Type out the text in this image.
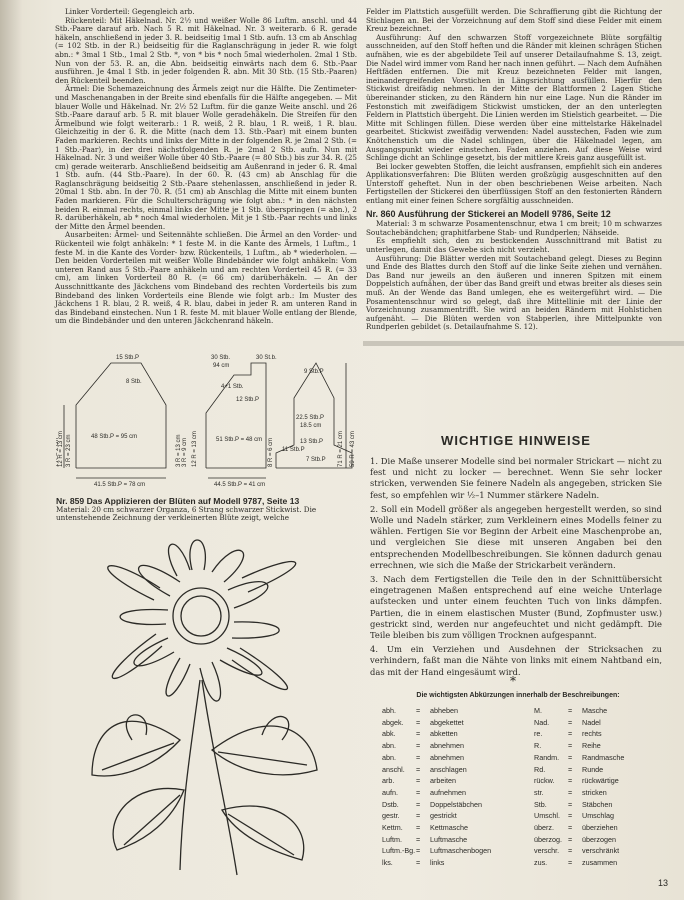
Linker Vorderteil: Gegengleich arb.

Rückenteil: Mit Häkelnad. Nr. 2½ und weißer Wolle 86 Luftm. anschl. und 44 Stb.-Paare darauf arb. Nach 5 R. mit Häkelnad. Nr. 3 weiterarb. 6 R. gerade häkeln, anschließend in jeder 3. R. beidseitig 1mal 1 Stb. aufn. 13 cm ab Anschlag (= 102 Stb. in der R.) beidseitig für die Raglanschrägung in jeder R. wie folgt abn.: * 3mal 1 Stb., 1mal 2 Stb. *, von * bis * noch 5mal wiederholen. 2mal 1 Stb. Nun von der 53. R. an, die Abn. beidseitig einwärts nach dem 6. Stb.-Paar ausführen. Je 4mal 1 Stb. in jeder folgenden R. abn. Mit 30 Stb. (15 Stb.-Paaren) den Rückenteil beenden.

Ärmel: Die Schemazeichnung des Ärmels zeigt nur die Hälfte. Die Zentimeter- und Maschenangaben in der Breite sind ebenfalls für die Hälfte angegeben. — Mit blauer Wolle und Häkelnad. Nr. 2½ 52 Luftm. für die ganze Weite anschl. und 26 Stb.-Paare darauf arb. 5 R. mit blauer Wolle geradehäkeln. Die Streifen für den Ärmelbund wie folgt weiterarb.: 1 R. weiß, 2 R. blau, 1 R. weiß, 1 R. blau. Gleichzeitig in der 6. R. die Mitte (nach dem 13. Stb.-Paar) mit einem bunten Faden markieren. Rechts und links der Mitte in der folgenden R. je 2mal 2 Stb. (= 1 Stb.-Paar), in der drei nächstfolgenden R. je 2mal 2 Stb. aufn. Nun mit Häkelnad. Nr. 3 und weißer Wolle über 40 Stb.-Paare (= 80 Stb.) bis zur 34. R. (25 cm) gerade weiterarb. Anschließend beidseitig am Außenrand in jeder 6. R. 4mal 1 Stb. aufn. (44 Stb.-Paare). In der 60. R. (43 cm) ab Anschlag für die Raglanschrägung beidseitig 2 Stb.-Paare stehenlassen, anschließend in jeder R. 20mal 1 Stb. abn. In der 70. R. (51 cm) ab Anschlag die Mitte mit einem bunten Faden markieren. Für die Schulterschrägung wie folgt abn.: * in den nächsten beiden R. einmal rechts, einmal links der Mitte je 1 Stb. überspringen (= abn.), 2 R. darüberhäkeln, ab * noch 4mal wiederholen. Mit je 1 Stb.-Paar rechts und links der Mitte den Ärmel beenden.

Ausarbeiten: Ärmel- und Seitennähte schließen. Die Ärmel an den Vorder- und Rückenteil wie folgt anhäkeln: * 1 feste M. in die Kante des Ärmels, 1 Luftm., 1 feste M. in die Kante des Vorder- bzw. Rückenteils, 1 Luftm., ab * wiederholen. — Den beiden Vorderteilen mit weißer Wolle Bindebänder wie folgt anhäkeln: Vom unteren Rand aus 5 Stb.-Paare anhäkeln und am rechten Vorderteil 45 R. (= 33 cm), am linken Vorderteil 80 R. (= 66 cm) darüberhäkeln. — An der Ausschnittkante des Jäckchens vom Bindeband des rechten Vorderteils bis zum Bindeband des linken Vorderteils eine Blende wie folgt arb.: Im Muster des Jäckchens 1 R. blau, 2 R. weiß, 4 R. blau, dabei in jeder R. am unteren Rand in das Bindeband einstechen. Nun 1 R. feste M. mit blauer Wolle entlang der Blende, um die Bindebänder und den unteren Jäckchenrand häkeln.

15 Stb.P
8 Stb.
48 Stb.P = 95 cm
41.5 Stb.P = 78 cm
30 Stb.
94 cm
30 St.b.
4+1 Stb.
12 Stb.P
51 Stb.P = 48 cm
44.5 Stb.P = 41 cm
22.5 Stb.P
18.5 cm
13 Stb.P
9 Stb.P
11 Stb.P
7 Stb.P
12 R = 13 cm 3 R = 23 cm	3 R = 13 cm 12 R = 13 cm	8 R = 6 cm	71 R = 21 cm 59 R = 43 cm
cm	3 R = 9 cm
Nr. 859 Das Applizieren der Blüten auf Modell 9787, Seite 13
Material: 20 cm schwarzer Organza, 6 Strang schwarzer Stickwist. Die untenstehende Zeichnung der verkleinerten Blüte zeigt, welche

Felder im Plattstich ausgefüllt werden. Die Schraffierung gibt die Richtung der Stichlagen an. Bei der Vorzeichnung auf dem Stoff sind diese Felder mit einem Kreuz bezeichnet.

Ausführung: Auf den schwarzen Stoff vorgezeichnete Blüte sorgfältig ausschneiden, auf den Stoff heften und die Ränder mit kleinen schrägen Stichen aufnähen, wie es der abgebildete Teil auf unserer Detailaufnahme S. 13, zeigt. Die Nadel wird immer vom Rand her nach innen geführt. — Nach dem Aufnähen Heftfäden entfernen. Die mit Kreuz bezeichneten Felder mit langen, ineinandergreifenden Vorstichen in Längsrichtung ausfüllen. Hierfür den Stickwist dreifädig nehmen. In der Mitte der Blattformen 2 Lagen Stiche übereinander sticken, zu den Rändern hin nur eine Lage. Nun die Ränder im Festonstich mit zweifädigem Stickwist umsticken, der an den unterlegten Feldern in Plattstich übergeht. Die Linien werden im Stielstich gearbeitet. — Die Mitte mit Schlingen füllen. Diese werden über eine mittelstarke Häkelnadel gearbeitet. Stickwist zweifädig verwenden: Nadel ausstechen, Faden wie zum Knötchenstich um die Nadel schlingen, über die Häkelnadel legen, am Ausgangspunkt wieder einstechen. Faden anziehen. Auf diese Weise wird Schlinge dicht an Schlinge gesetzt, bis der mittlere Kreis ganz ausgefüllt ist.

Bei locker gewebten Stoffen, die leicht ausfransen, empfiehlt sich ein anderes Applikationsverfahren: Die Blüten werden großzügig ausgeschnitten auf den Unterstoff geheftet. Nun in der oben beschriebenen Weise arbeiten. Nach Fertigstellen der Stickerei den überflüssigen Stoff an den festonierten Rändern entlang mit einer feinen Schere sorgfältig ausschneiden.

Nr. 860 Ausführung der Stickerei an Modell 9786, Seite 12

Material: 3 m schwarze Posamentenschnur, etwa 1 cm breit; 10 m schwarzes Soutachebändchen; graphitfarbene Stab- und Rundperlen; Nähseide.

Es empfiehlt sich, den zu bestickenden Ausschnittrand mit Batist zu unterlegen, damit das Gewebe sich nicht verzieht.

Ausführung: Die Blätter werden mit Soutacheband gelegt. Dieses zu Beginn und Ende des Blattes durch den Stoff auf die linke Seite ziehen und vernähen. Das Band nur jeweils an den äußeren und inneren Spitzen mit einem Doppelstich aufnähen, der über das Band greift und etwas breiter als dieses sein muß. An der Wende das Band umlegen, ehe es weitergeführt wird. — Die Posamentenschnur wird so gelegt, daß ihre Mittellinie mit der Linie der Vorzeichnung zusammentrifft. Sie wird an beiden Rändern mit Hohlstichen aufgenäht. — Die Blüten werden von Stabperlen, ihre Mittelpunkte von Rundperlen gebildet (s. Detailaufnahme S. 12).

WICHTIGE HINWEISE

1. Die Maße unserer Modelle sind bei normaler Strickart — nicht zu fest und nicht zu locker — berechnet. Wenn Sie sehr locker stricken, verwenden Sie feinere Nadeln als angegeben, stricken Sie fest, so empfehlen wir ½–1 Nummer stärkere Nadeln.

2. Soll ein Modell größer als angegeben hergestellt werden, so sind Wolle und Nadeln stärker, zum Verkleinern eines Modells feiner zu wählen. Fertigen Sie vor Beginn der Arbeit eine Maschenprobe an, und vergleichen Sie diese mit unseren Angaben bei den entsprechenden Modellbeschreibungen. Sie können dadurch genau errechnen, wie sich die Maße der Strickarbeit verändern.

3. Nach dem Fertigstellen die Teile den in der Schnittübersicht eingetragenen Maßen entsprechend auf eine weiche Unterlage aufstecken und unter einem feuchten Tuch von links dämpfen. Partien, die in einem elastischen Muster (Bund, Zopfmuster usw.) gestrickt sind, werden nur angefeuchtet und nicht gedämpft. Die Teile bleiben bis zum völligen Trocknen aufgespannt.

4. Um ein Verziehen und Ausdehnen der Stricksachen zu verhindern, faßt man die Nähte von links mit einem Nahtband ein, das mit der Hand eingesäumt wird.

*
Die wichtigsten Abkürzungen innerhalb der Beschreibungen:
abh.	=	abheben
abgek.	=	abgekettet
abk.	=	abketten
abn.	=	abnehmen
abn.	=	abnehmen
anschl.	=	anschlagen
arb.	=	arbeiten
aufn.	=	aufnehmen
Dstb.	=	Doppelstäbchen
gestr.	=	gestrickt
Kettm.	=	Kettmasche
Luftm.	=	Luftmasche
Luftm.-Bg. =	Luftmaschenbogen
lks.	=	links
M.	=	Masche
Nad.	=	Nadel
re.	=	rechts
R.	=	Reihe
Randm.	=	Randmasche
Rd.	=	Runde
rückw.	=	rückwärtige
str.	=	stricken
Stb.	=	Stäbchen
Umschl.	=	Umschlag
überz.	=	überziehen
überzog. =	überzogen
verschr.	=	verschränkt
zus.	=	zusammen
13
